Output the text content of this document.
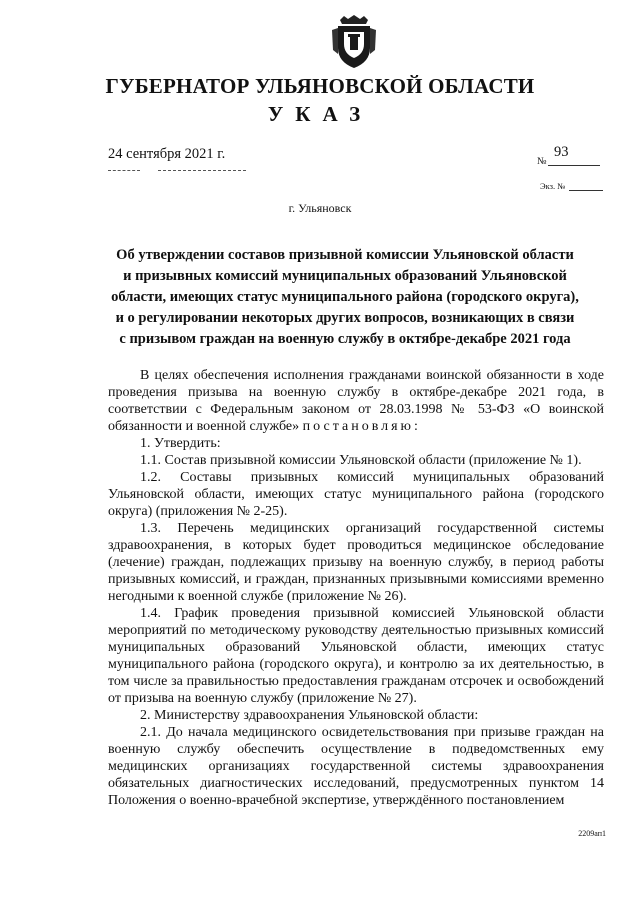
ГУБЕРНАТОР УЛЬЯНОВСКОЙ ОБЛАСТИ
УКАЗ
24 сентября 2021 г.	№
93
Экз. №
г. Ульяновск
Об утверждении составов призывной комиссии Ульяновской области
и призывных комиссий муниципальных образований Ульяновской
области, имеющих статус муниципального района (городского округа),
и о регулировании некоторых других вопросов, возникающих в связи
с призывом граждан на военную службу в октябре-декабре 2021 года

В целях обеспечения исполнения гражданами воинской обязанности в ходе проведения призыва на военную службу в октябре-декабре 2021 года, в соответствии с Федеральным законом от 28.03.1998 № 53-ФЗ «О воинской обязанности и военной службе» постановляю:

1. Утвердить:

1.1. Состав призывной комиссии Ульяновской области (приложение № 1).

1.2. Составы призывных комиссий муниципальных образований Ульяновской области, имеющих статус муниципального района (городского округа) (приложения № 2-25).

1.3. Перечень медицинских организаций государственной системы здравоохранения, в которых будет проводиться медицинское обследование (лечение) граждан, подлежащих призыву на военную службу, в период работы призывных комиссий, и граждан, признанных призывными комиссиями временно негодными к военной службе (приложение № 26).

1.4. График проведения призывной комиссией Ульяновской области мероприятий по методическому руководству деятельностью призывных комиссий муниципальных образований Ульяновской области, имеющих статус муниципального района (городского округа), и контролю за их деятельностью, в том числе за правильностью предоставления гражданам отсрочек и освобождений от призыва на военную службу (приложение № 27).

2. Министерству здравоохранения Ульяновской области:

2.1. До начала медицинского освидетельствования при призыве граждан на военную службу обеспечить осуществление в подведомственных ему медицинских организациях государственной системы здравоохранения обязательных диагностических исследований, предусмотренных пунктом 14 Положения о военно-врачебной экспертизе, утверждённого постановлением

2209ап1
